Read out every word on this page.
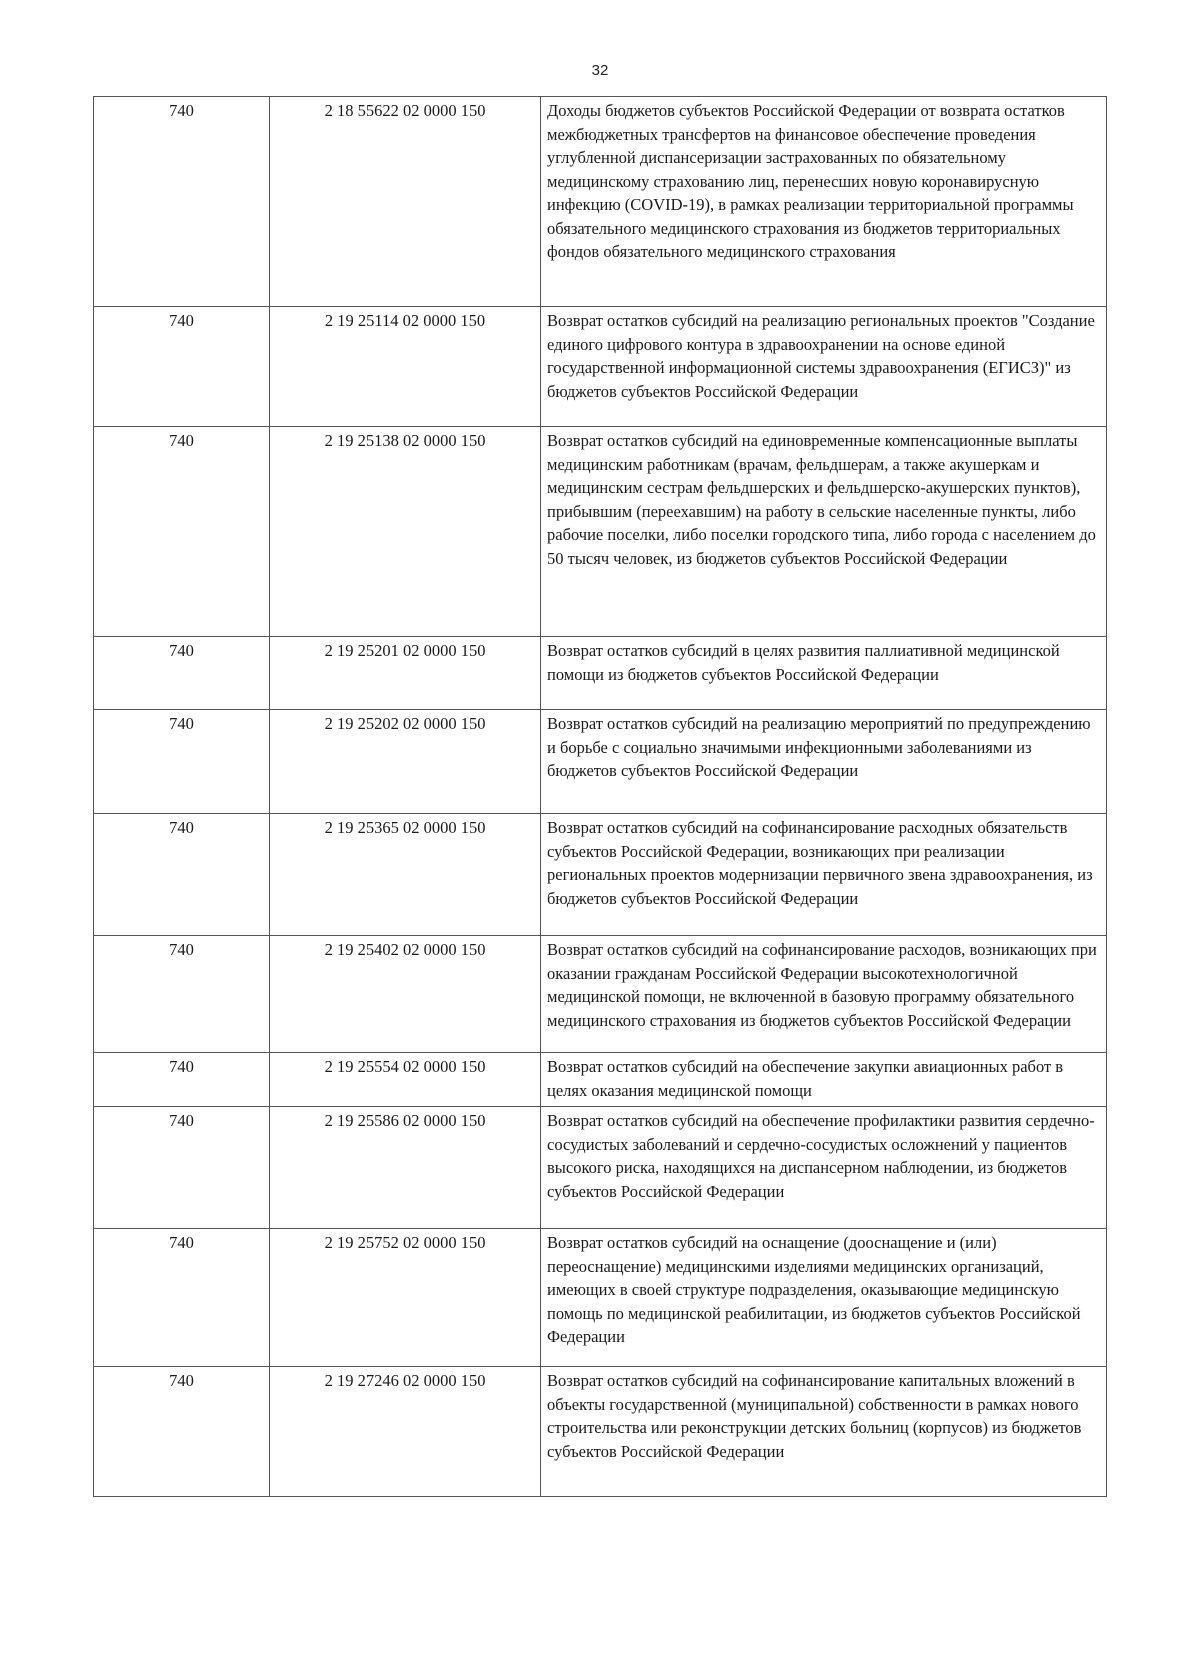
32
740	2 18 55622 02 0000 150	Доходы бюджетов субъектов Российской Федерации от возврата остатков межбюджетных трансфертов на финансовое обеспечение проведения углубленной диспансеризации застрахованных по обязательному медицинскому страхованию лиц, перенесших новую коронавирусную инфекцию (COVID-19), в рамках реализации территориальной программы обязательного медицинского страхования из бюджетов территориальных фондов обязательного медицинского страхования
740	2 19 25114 02 0000 150	Возврат остатков субсидий на реализацию региональных проектов "Создание единого цифрового контура в здравоохранении на основе единой государственной информационной системы здравоохранения (ЕГИСЗ)" из бюджетов субъектов Российской Федерации
740	2 19 25138 02 0000 150	Возврат остатков субсидий на единовременные компенсационные выплаты медицинским работникам (врачам, фельдшерам, а также акушеркам и медицинским сестрам фельдшерских и фельдшерско-акушерских пунктов), прибывшим (переехавшим) на работу в сельские населенные пункты, либо рабочие поселки, либо поселки городского типа, либо города с населением до 50 тысяч человек, из бюджетов субъектов Российской Федерации
740	2 19 25201 02 0000 150	Возврат остатков субсидий в целях развития паллиативной медицинской помощи из бюджетов субъектов Российской Федерации
740	2 19 25202 02 0000 150	Возврат остатков субсидий на реализацию мероприятий по предупреждению и борьбе с социально значимыми инфекционными заболеваниями из бюджетов субъектов Российской Федерации
740	2 19 25365 02 0000 150	Возврат остатков субсидий на софинансирование расходных обязательств субъектов Российской Федерации, возникающих при реализации региональных проектов модернизации первичного звена здравоохранения, из бюджетов субъектов Российской Федерации
740	2 19 25402 02 0000 150	Возврат остатков субсидий на софинансирование расходов, возникающих при оказании гражданам Российской Федерации высокотехнологичной медицинской помощи, не включенной в базовую программу обязательного медицинского страхования из бюджетов субъектов Российской Федерации
740	2 19 25554 02 0000 150	Возврат остатков субсидий на обеспечение закупки авиационных работ в целях оказания медицинской помощи
740	2 19 25586 02 0000 150	Возврат остатков субсидий на обеспечение профилактики развития сердечно-сосудистых заболеваний и сердечно-сосудистых осложнений у пациентов высокого риска, находящихся на диспансерном наблюдении, из бюджетов субъектов Российской Федерации
740	2 19 25752 02 0000 150	Возврат остатков субсидий на оснащение (дооснащение и (или) переоснащение) медицинскими изделиями медицинских организаций, имеющих в своей структуре подразделения, оказывающие медицинскую помощь по медицинской реабилитации, из бюджетов субъектов Российской Федерации
740	2 19 27246 02 0000 150	Возврат остатков субсидий на софинансирование капитальных вложений в объекты государственной (муниципальной) собственности в рамках нового строительства или реконструкции детских больниц (корпусов) из бюджетов субъектов Российской Федерации
